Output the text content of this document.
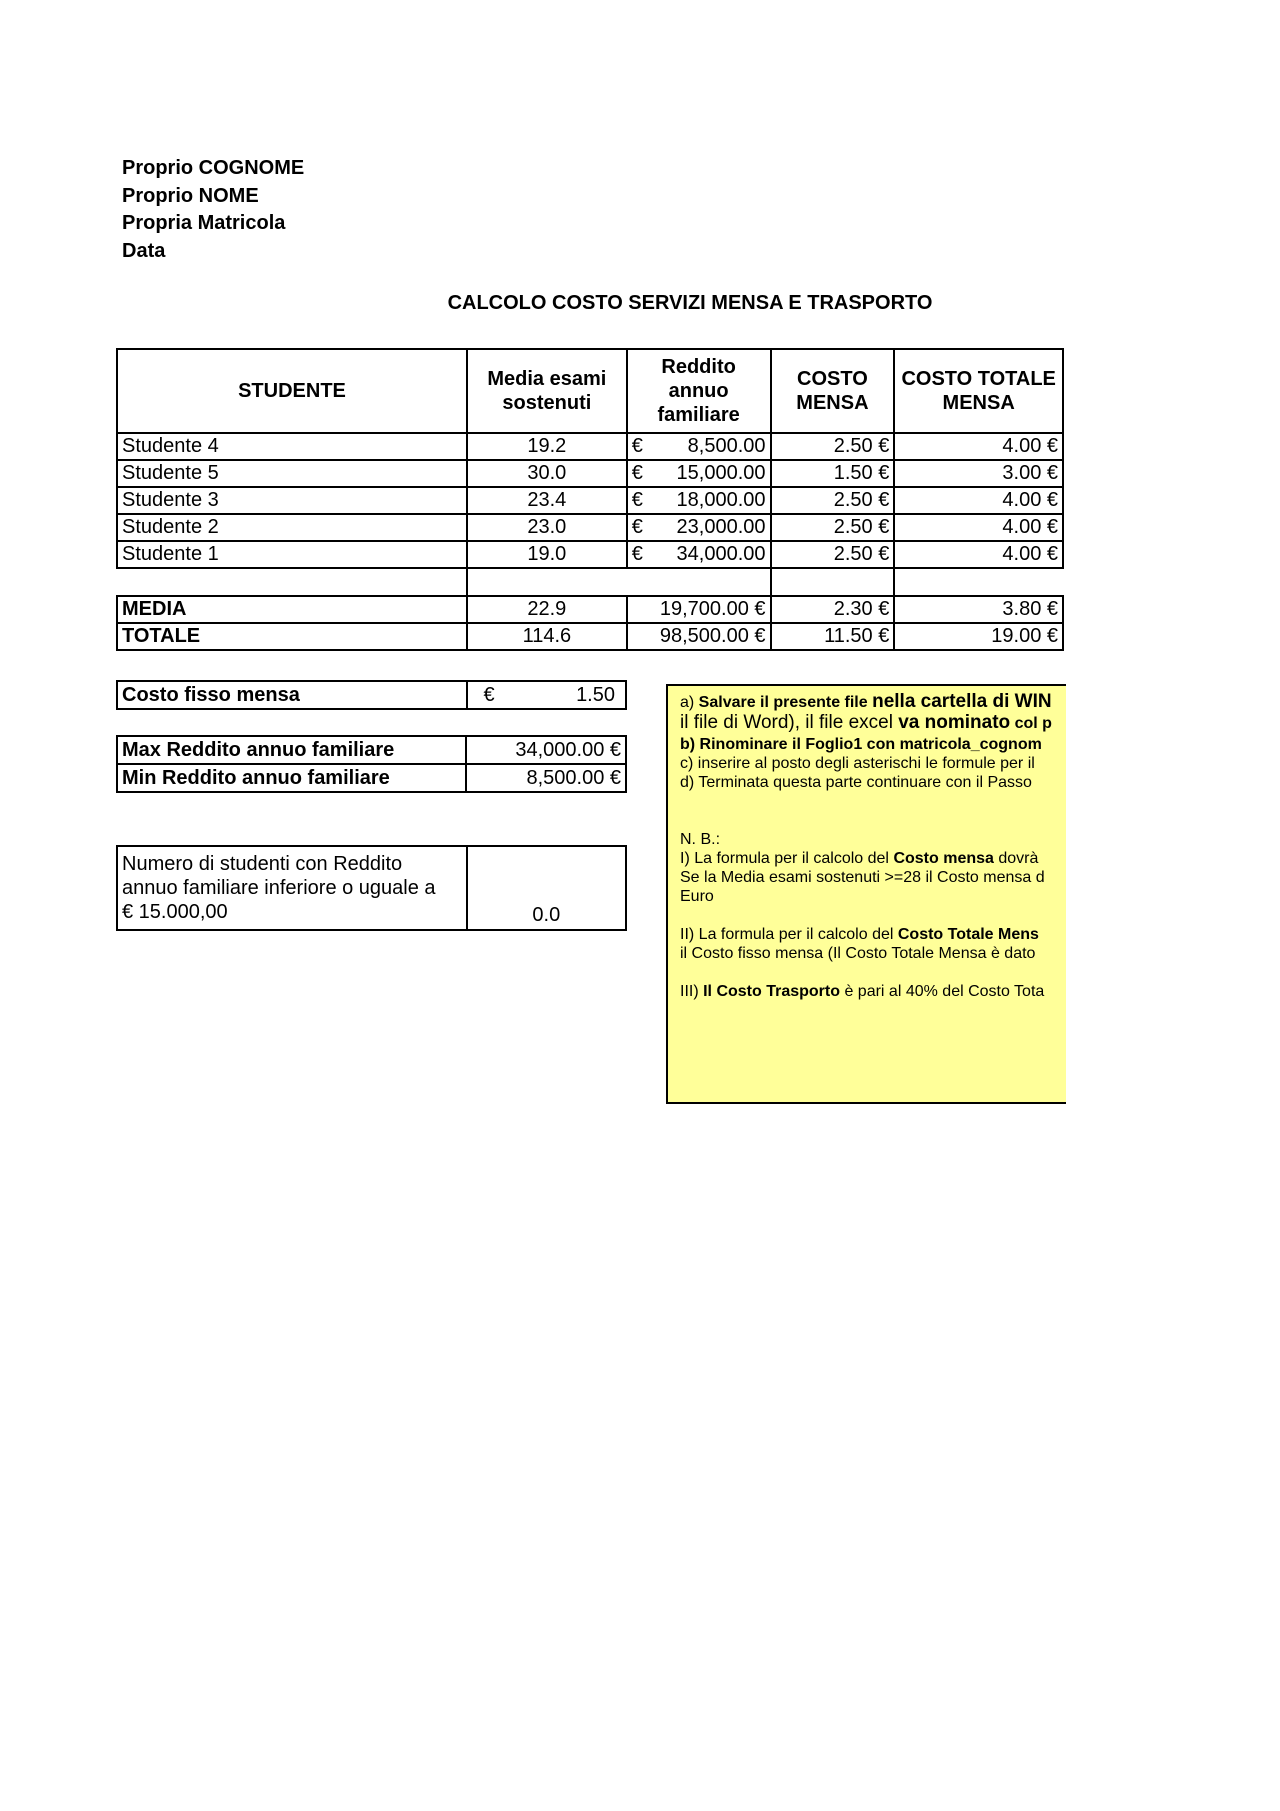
Proprio COGNOME
Proprio NOME
Propria Matricola
Data
CALCOLO COSTO SERVIZI MENSA E TRASPORTO
STUDENTE	Media esami sostenuti	Reddito annuo familiare	COSTO MENSA	COSTO TOTALE MENSA
Studente 4	19.2	€ 8,500.00	2.50 €	4.00 €
Studente 5	30.0	€ 15,000.00	1.50 €	3.00 €
Studente 3	23.4	€ 18,000.00	2.50 €	4.00 €
Studente 2	23.0	€ 23,000.00	2.50 €	4.00 €
Studente 1	19.0	€ 34,000.00	2.50 €	4.00 €

MEDIA	22.9	19,700.00 €	2.30 €	3.80 €
TOTALE	114.6	98,500.00 €	11.50 €	19.00 €
Costo fisso mensa	€	1.50
Max Reddito annuo familiare	34,000.00 €
Min Reddito annuo familiare	8,500.00 €
Numero di studenti con Reddito
annuo familiare inferiore o uguale a
€ 15.000,00	0.0

a) Salvare il presente file nella cartella di WIN

il file di Word), il file excel va nominato col p

b) Rinominare il Foglio1 con matricola_cognom

c) inserire al posto degli asterischi le formule per il

d) Terminata questa parte continuare con il Passo

N. B.:

I) La formula per il calcolo del Costo mensa dovrà

Se la Media esami sostenuti >=28 il Costo mensa d

Euro

II) La formula per il calcolo del Costo Totale Mens

il Costo fisso mensa (Il Costo Totale Mensa è dato

III) Il Costo Trasporto è pari al 40% del Costo Tota
